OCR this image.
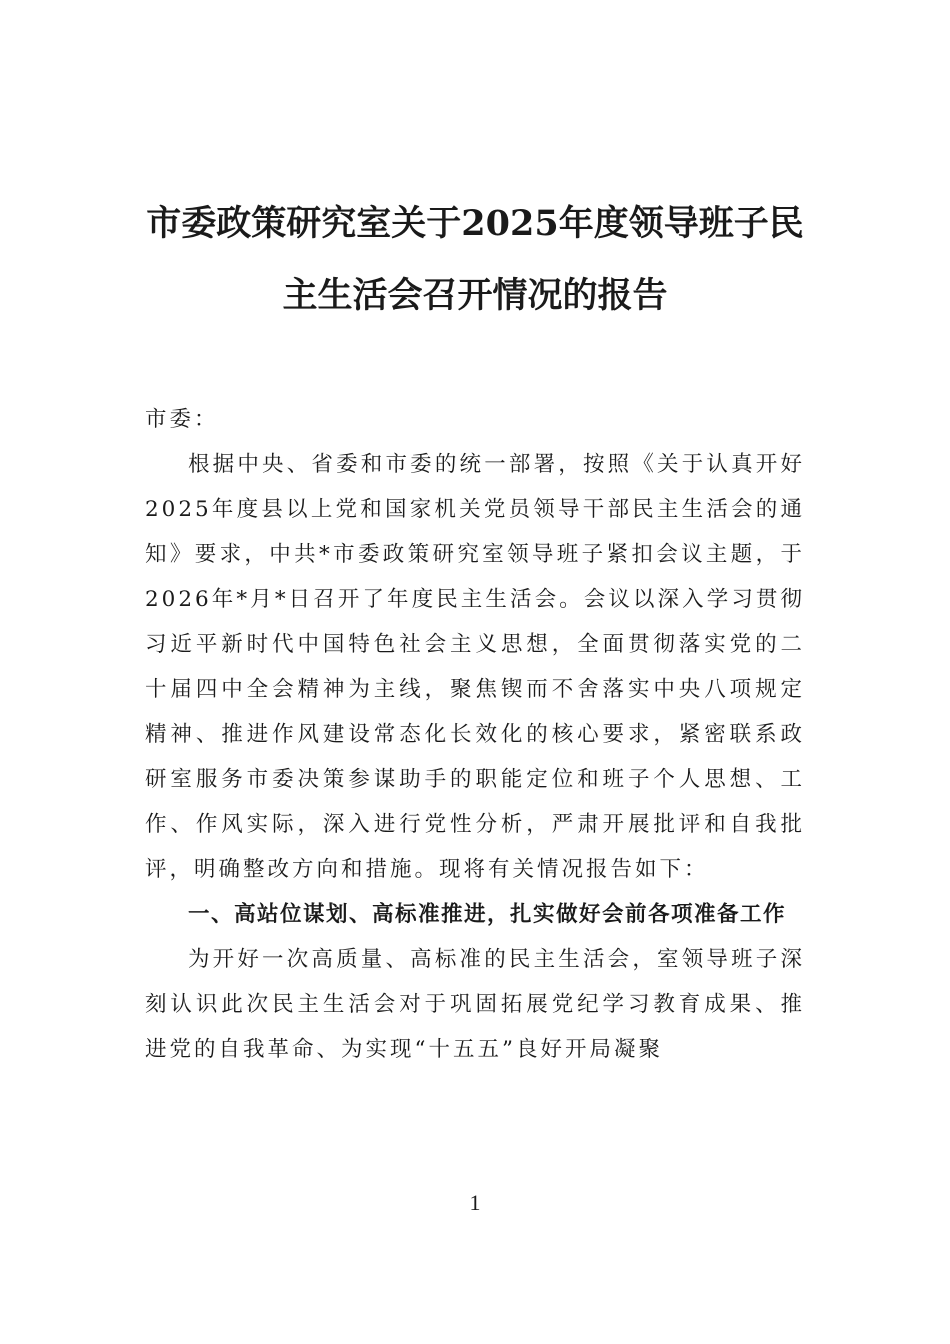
市委政策研究室关于2025年度领导班子民
主生活会召开情况的报告

市委：

根据中央、省委和市委的统一部署，按照《关于认真开好2025年度县以上党和国家机关党员领导干部民主生活会的通知》要求，中共*市委政策研究室领导班子紧扣会议主题，于2026年*月*日召开了年度民主生活会。会议以深入学习贯彻习近平新时代中国特色社会主义思想，全面贯彻落实党的二十届四中全会精神为主线，聚焦锲而不舍落实中央八项规定精神、推进作风建设常态化长效化的核心要求，紧密联系政研室服务市委决策参谋助手的职能定位和班子个人思想、工作、作风实际，深入进行党性分析，严肃开展批评和自我批评，明确整改方向和措施。现将有关情况报告如下：

一、高站位谋划、高标准推进，扎实做好会前各项准备工作

为开好一次高质量、高标准的民主生活会，室领导班子深刻认识此次民主生活会对于巩固拓展党纪学习教育成果、推进党的自我革命、为实现“十五五”良好开局凝聚

1
